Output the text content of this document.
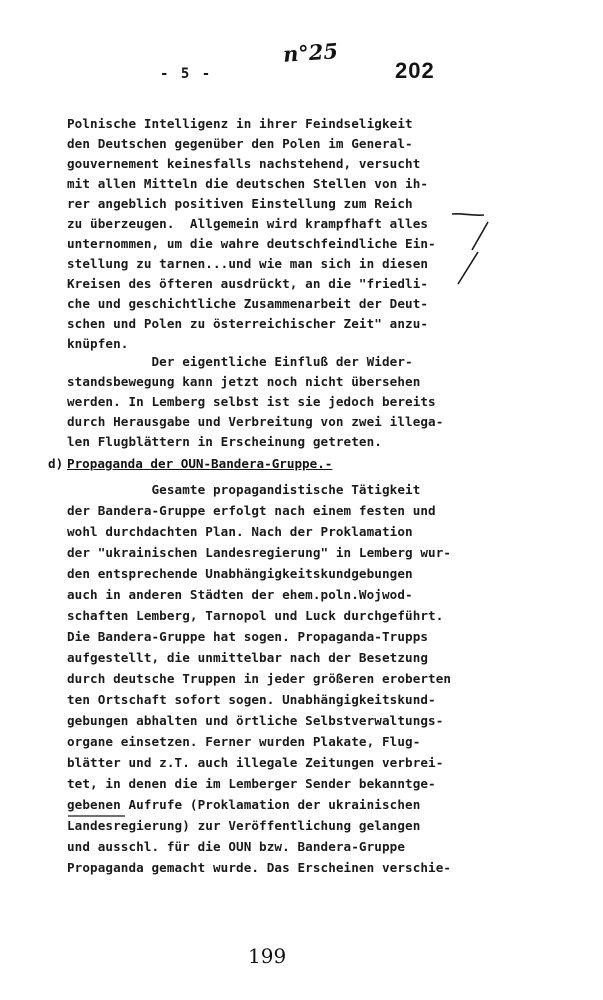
- 5 -
n°25
202
Polnische Intelligenz in ihrer Feindseligkeit
den Deutschen gegenüber den Polen im General-
gouvernement keinesfalls nachstehend, versucht
mit allen Mitteln die deutschen Stellen von ih-
rer angeblich positiven Einstellung zum Reich
zu überzeugen.  Allgemein wird krampfhaft alles
unternommen, um die wahre deutschfeindliche Ein-
stellung zu tarnen...und wie man sich in diesen
Kreisen des öfteren ausdrückt, an die "friedli-
che und geschichtliche Zusammenarbeit der Deut-
schen und Polen zu österreichischer Zeit" anzu-
knüpfen.
Der eigentliche Einfluß der Wider-
standsbewegung kann jetzt noch nicht übersehen
werden. In Lemberg selbst ist sie jedoch bereits
durch Herausgabe und Verbreitung von zwei illega-
len Flugblättern in Erscheinung getreten.
d) Propaganda der OUN-Bandera-Gruppe.-
Gesamte propagandistische Tätigkeit
der Bandera-Gruppe erfolgt nach einem festen und
wohl durchdachten Plan. Nach der Proklamation
der "ukrainischen Landesregierung" in Lemberg wur-
den entsprechende Unabhängigkeitskundgebungen
auch in anderen Städten der ehem.poln.Wojwod-
schaften Lemberg, Tarnopol und Luck durchgeführt.
Die Bandera-Gruppe hat sogen. Propaganda-Trupps
aufgestellt, die unmittelbar nach der Besetzung
durch deutsche Truppen in jeder größeren eroberten
ten Ortschaft sofort sogen. Unabhängigkeitskund-
gebungen abhalten und örtliche Selbstverwaltungs-
organe einsetzen. Ferner wurden Plakate, Flug-
blätter und z.T. auch illegale Zeitungen verbrei-
tet, in denen die im Lemberger Sender bekanntge-
gebenen Aufrufe (Proklamation der ukrainischen
Landesregierung) zur Veröffentlichung gelangen
und ausschl. für die OUN bzw. Bandera-Gruppe
Propaganda gemacht wurde. Das Erscheinen verschie-
199
